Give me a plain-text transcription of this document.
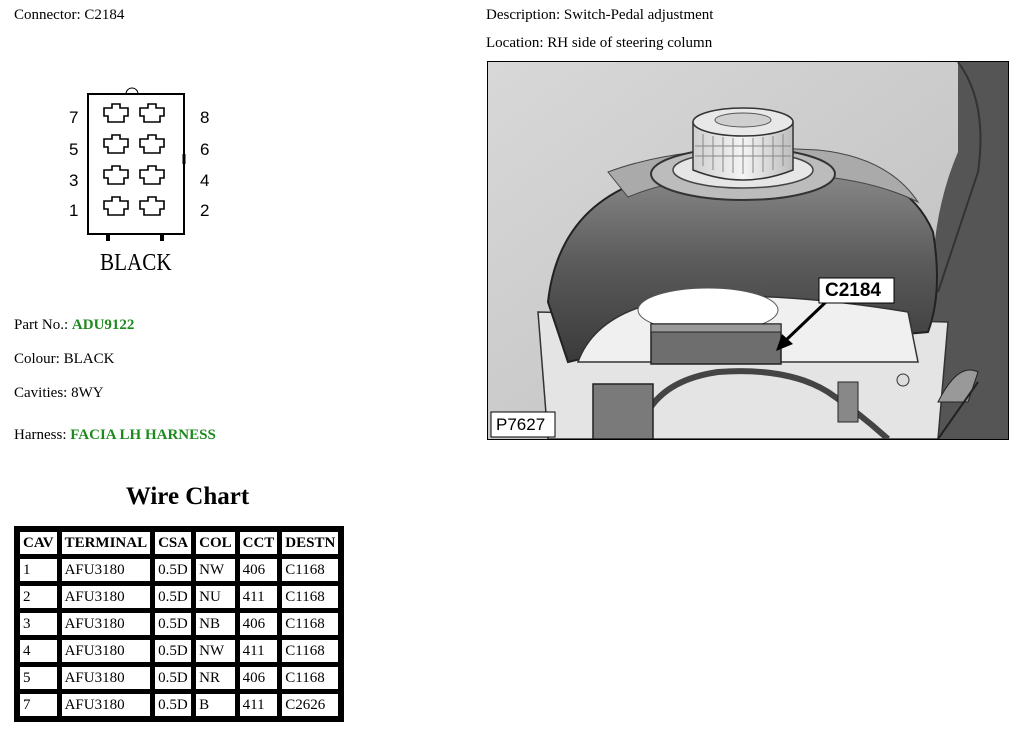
Connector: C2184	Description: Switch-Pedal adjustment
Location: RH side of steering column
7
5
3
1
8
6
4
2
BLACK
C2184
P7627
Part No.: ADU9122
Colour: BLACK
Cavities: 8WY
Harness: FACIA LH HARNESS
Wire Chart
CAV	TERMINAL	CSA	COL	CCT	DESTN
1	AFU3180	0.5D	NW	406	C1168
2	AFU3180	0.5D	NU	411	C1168
3	AFU3180	0.5D	NB	406	C1168
4	AFU3180	0.5D	NW	411	C1168
5	AFU3180	0.5D	NR	406	C1168
7	AFU3180	0.5D	B	411	C2626
